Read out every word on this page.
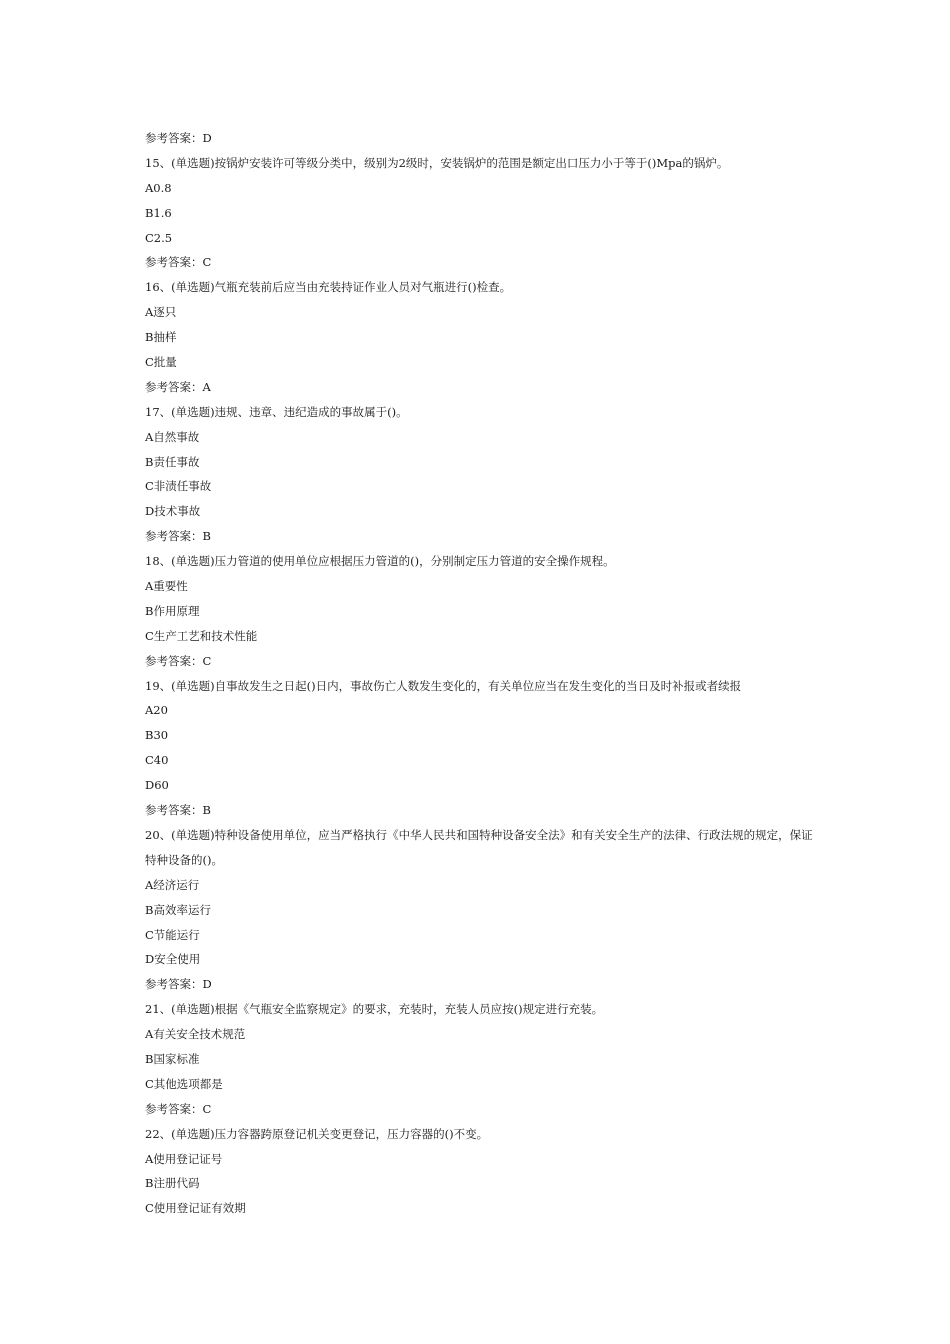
参考答案：D
15、(单选题)按锅炉安装许可等级分类中，级别为2级时，安装锅炉的范围是额定出口压力小于等于()Mpa的锅炉。
A0.8
B1.6
C2.5
参考答案：C
16、(单选题)气瓶充装前后应当由充装持证作业人员对气瓶进行()检查。
A逐只
B抽样
C批量
参考答案：A
17、(单选题)违规、违章、违纪造成的事故属于()。
A自然事故
B责任事故
C非渍任事故
D技术事故
参考答案：B
18、(单选题)压力管道的使用单位应根据压力管道的()，分别制定压力管道的安全操作规程。
A重要性
B作用原理
C生产工艺和技术性能
参考答案：C
19、(单选题)自事故发生之日起()日内，事故伤亡人数发生变化的，有关单位应当在发生变化的当日及时补报或者续报
A20
B30
C40
D60
参考答案：B
20、(单选题)特种设备使用单位，应当严格执行《中华人民共和国特种设备安全法》和有关安全生产的法律、行政法规的规定，保证特种设备的()。
A经济运行
B高效率运行
C节能运行
D安全使用
参考答案：D
21、(单选题)根据《气瓶安全监察规定》的要求，充装时，充装人员应按()规定进行充装。
A有关安全技术规范
B国家标准
C其他选项都是
参考答案：C
22、(单选题)压力容器跨原登记机关变更登记，压力容器的()不变。
A使用登记证号
B注册代码
C使用登记证有效期
